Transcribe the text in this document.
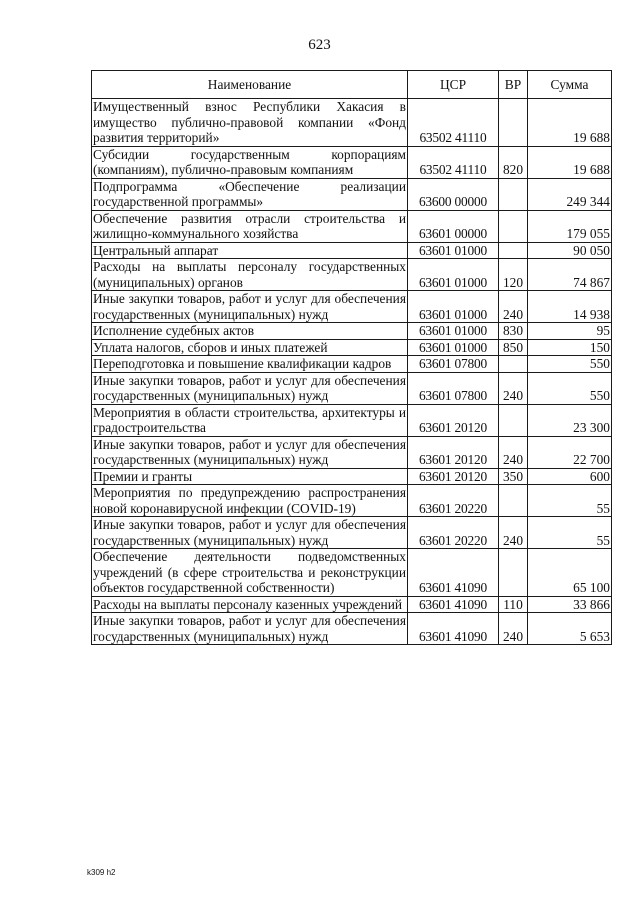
623
Наименование	ЦСР	ВР	Сумма
Имущественный взнос Республики Хакасия в имущество публично-правовой компании «Фонд развития территорий»	63502 41110		19 688
Субсидии государственным корпорациям (компаниям), публично-правовым компаниям	63502 41110	820	19 688
Подпрограмма «Обеспечение реализации государственной программы»	63600 00000		249 344
Обеспечение развития отрасли строительства и жилищно-коммунального хозяйства	63601 00000		179 055
Центральный аппарат	63601 01000		90 050
Расходы на выплаты персоналу государственных (муниципальных) органов	63601 01000	120	74 867
Иные закупки товаров, работ и услуг для обеспечения государственных (муниципальных) нужд	63601 01000	240	14 938
Исполнение судебных актов	63601 01000	830	95
Уплата налогов, сборов и иных платежей	63601 01000	850	150
Переподготовка и повышение квалификации кадров	63601 07800		550
Иные закупки товаров, работ и услуг для обеспечения государственных (муниципальных) нужд	63601 07800	240	550
Мероприятия в области строительства, архитектуры и градостроительства	63601 20120		23 300
Иные закупки товаров, работ и услуг для обеспечения государственных (муниципальных) нужд	63601 20120	240	22 700
Премии и гранты	63601 20120	350	600
Мероприятия по предупреждению распространения новой коронавирусной инфекции (COVID-19)	63601 20220		55
Иные закупки товаров, работ и услуг для обеспечения государственных (муниципальных) нужд	63601 20220	240	55
Обеспечение деятельности подведомственных учреждений (в сфере строительства и реконструкции объектов государственной собственности)	63601 41090		65 100
Расходы на выплаты персоналу казенных учреждений	63601 41090	110	33 866
Иные закупки товаров, работ и услуг для обеспечения государственных (муниципальных) нужд	63601 41090	240	5 653
k309 h2
